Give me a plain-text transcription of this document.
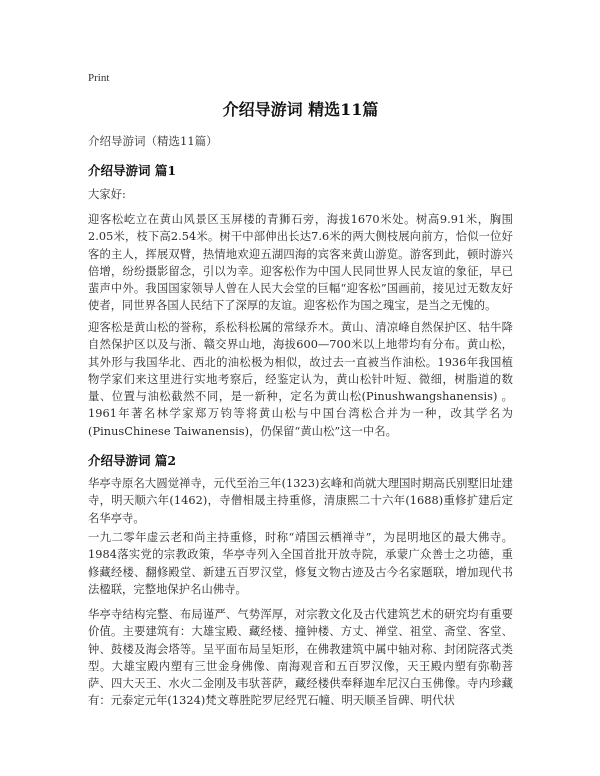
Print
介绍导游词 精选11篇
介绍导游词（精选11篇）
介绍导游词 篇1

大家好:

迎客松屹立在黄山风景区玉屏楼的青狮石旁，海拔1670米处。树高9.91米，胸围2.05米，枝下高2.54米。树干中部伸出长达7.6米的两大侧枝展向前方，恰似一位好客的主人，挥展双臂，热情地欢迎五湖四海的宾客来黄山游览。游客到此，顿时游兴倍增，纷纷摄影留念，引以为幸。迎客松作为中国人民同世界人民友谊的象征，早已蜚声中外。我国国家领导人曾在人民大会堂的巨幅“迎客松”国画前，接见过无数友好使者，同世界各国人民结下了深厚的友谊。迎客松作为国之瑰宝，是当之无愧的。

迎客松是黄山松的誉称，系松科松属的常绿乔木。黄山、清凉峰自然保护区、牯牛降自然保护区以及与浙、赣交界山地，海拔600—700米以上地带均有分布。黄山松，其外形与我国华北、西北的油松极为相似，故过去一直被当作油松。1936年我国植物学家们来这里进行实地考察后，经鉴定认为，黄山松针叶短、微细，树脂道的数量、位置与油松截然不同，是一新种，定名为黄山松(Pinushwangshanensis) 。1961年著名林学家郑万钧等将黄山松与中国台湾松合并为一种，改其学名为(PinusChinese Taiwanensis)，仍保留“黄山松”这一中名。

介绍导游词 篇2

华亭寺原名大圆觉禅寺，元代至治三年(1323)玄峰和尚就大理国时期高氏别墅旧址建寺，明天顺六年(1462)，寺僧相晟主持重修，清康熙二十六年(1688)重修扩建后定名华亭寺。

一九二零年虚云老和尚主持重修，时称“靖国云栖禅寺”，为昆明地区的最大佛寺。1984落实党的宗教政策，华亭寺列入全国首批开放寺院，承蒙广众善士之功德，重修藏经楼、翻修殿堂、新建五百罗汉堂，修复文物古迹及古今名家题联，增加现代书法楹联，完整地保护名山佛寺。

华亭寺结构完整、布局谨严、气势浑厚，对宗教文化及古代建筑艺术的研究均有重要价值。主要建筑有：大雄宝殿、藏经楼、撞钟楼、方丈、禅堂、祖堂、斋堂、客堂、钟、鼓楼及海会塔等。呈平面布局呈矩形，在佛教建筑中属中轴对称、封闭院落式类型。大雄宝殿内塑有三世金身佛像、南海观音和五百罗汉像，天王殿内塑有弥勒菩萨、四大天王、水火二金刚及韦驮菩萨，藏经楼供奉释迦牟尼汉白玉佛像。寺内珍藏有：元泰定元年(1324)梵文尊胜陀罗尼经咒石幢、明天顺圣旨碑、明代状
